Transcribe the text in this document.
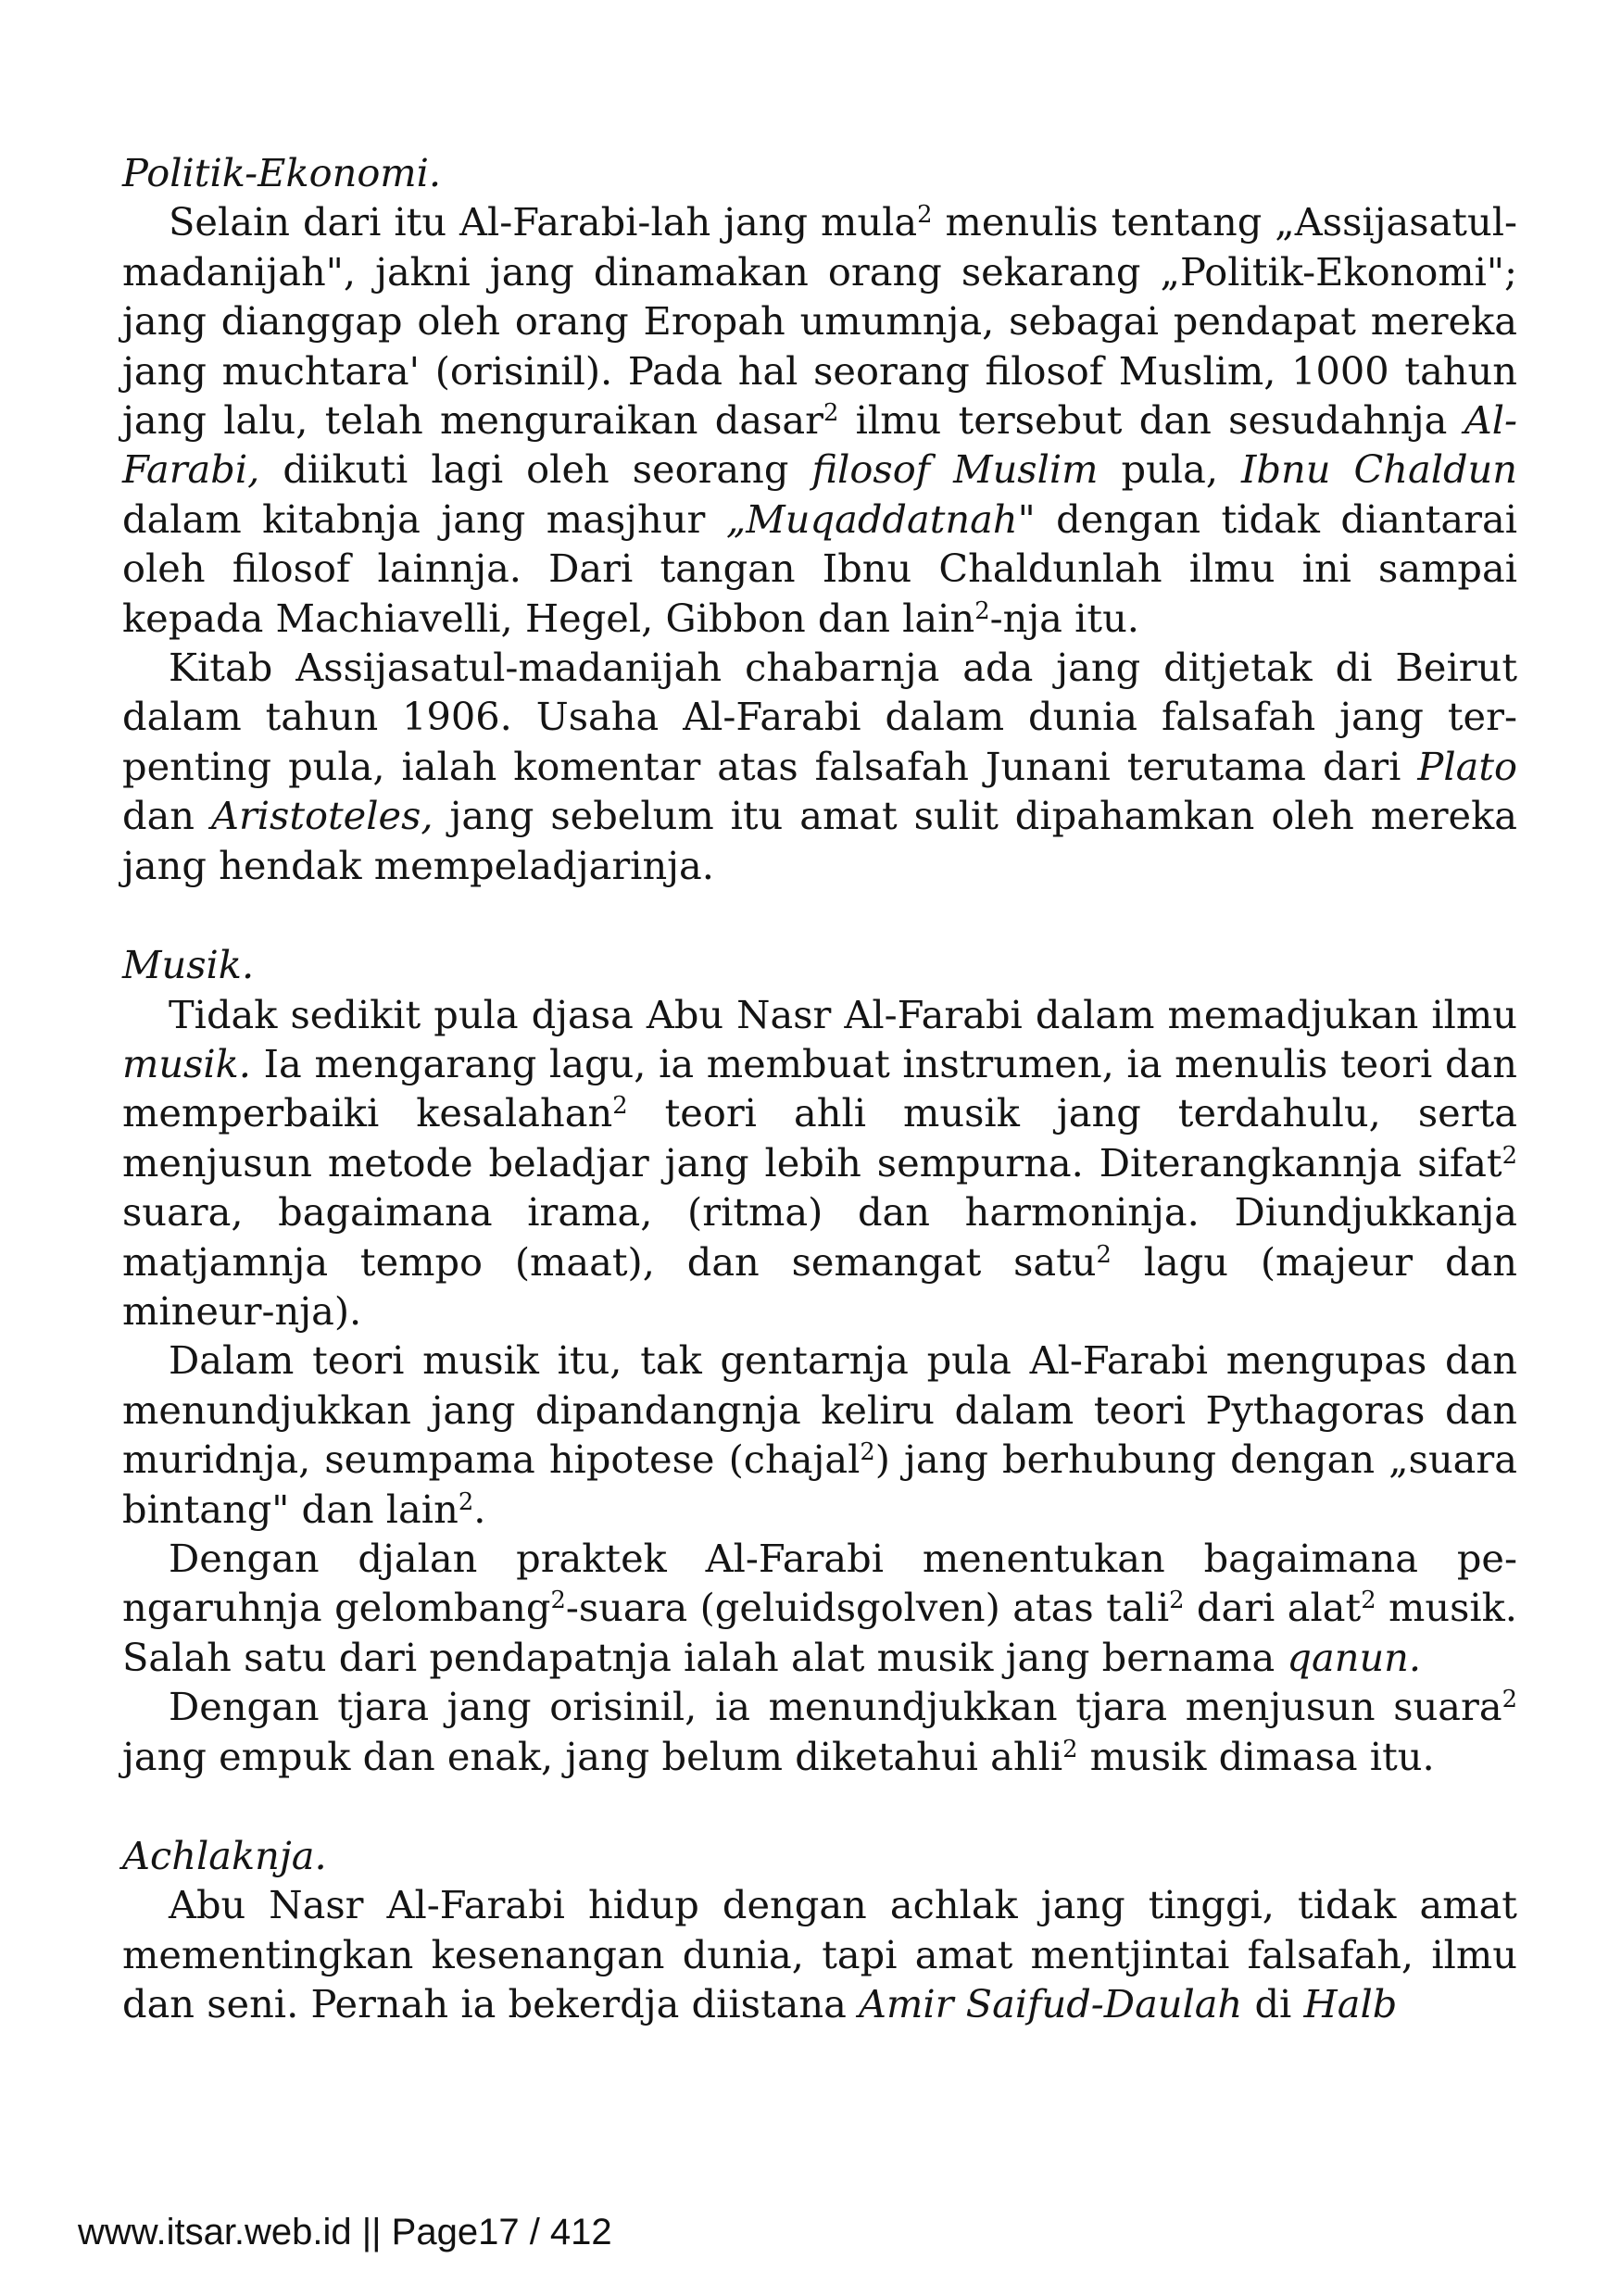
Politik-Ekonomi.

Selain dari itu Al-Farabi-lah jang mula$^2$ menulis tentang „Assijasatul-madanijah", jakni jang dinamakan orang sekarang „Politik-Ekonomi"; jang dianggap oleh orang Eropah umumnja, sebagai pendapat mereka jang muchtara' (orisinil). Pada hal seorang filosof Muslim, 1000 tahun jang lalu, telah menguraikan dasar$^2$ ilmu tersebut dan sesudahnja Al-Farabi, diikuti lagi oleh seorang filosof Muslim pula, Ibnu Chaldun dalam kitabnja jang masjhur „Muqaddatnah" dengan tidak diantarai oleh filosof lainnja. Dari tangan Ibnu Chaldunlah ilmu ini sampai kepada Machiavelli, Hegel, Gibbon dan lain$^2$-nja itu.

Kitab Assijasatul-madanijah chabarnja ada jang ditjetak di Beirut dalam tahun 1906. Usaha Al-Farabi dalam dunia falsafah jang terpenting pula, ialah komentar atas falsafah Junani terutama dari Plato dan Aristoteles, jang sebelum itu amat sulit dipahamkan oleh mereka jang hendak mempeladjarinja.

Musik.

Tidak sedikit pula djasa Abu Nasr Al-Farabi dalam memadjukan ilmu musik. Ia mengarang lagu, ia membuat instrumen, ia menulis teori dan memperbaiki kesalahan$^2$ teori ahli musik jang terdahulu, serta menjusun metode beladjar jang lebih sempurna. Diterangkannja sifat$^2$ suara, bagaimana irama, (ritma) dan harmoninja. Diundjukkanja matjamnja tempo (maat), dan semangat satu$^2$ lagu (majeur dan mineur-nja).

Dalam teori musik itu, tak gentarnja pula Al-Farabi mengupas dan menundjukkan jang dipandangnja keliru dalam teori Pythagoras dan muridnja, seumpama hipotese (chajal$^2$) jang berhubung dengan „suara bintang" dan lain$^2$.

Dengan djalan praktek Al-Farabi menentukan bagaimana pengaruhnja gelombang$^2$-suara (geluidsgolven) atas tali$^2$ dari alat$^2$ musik. Salah satu dari pendapatnja ialah alat musik jang bernama qanun.

Dengan tjara jang orisinil, ia menundjukkan tjara menjusun suara$^2$ jang empuk dan enak, jang belum diketahui ahli$^2$ musik dimasa itu.

Achlaknja.

Abu Nasr Al-Farabi hidup dengan achlak jang tinggi, tidak amat mementingkan kesenangan dunia, tapi amat mentjintai falsafah, ilmu dan seni. Pernah ia bekerdja diistana Amir Saifud-Daulah di Halb

www.itsar.web.id || Page17 / 412
